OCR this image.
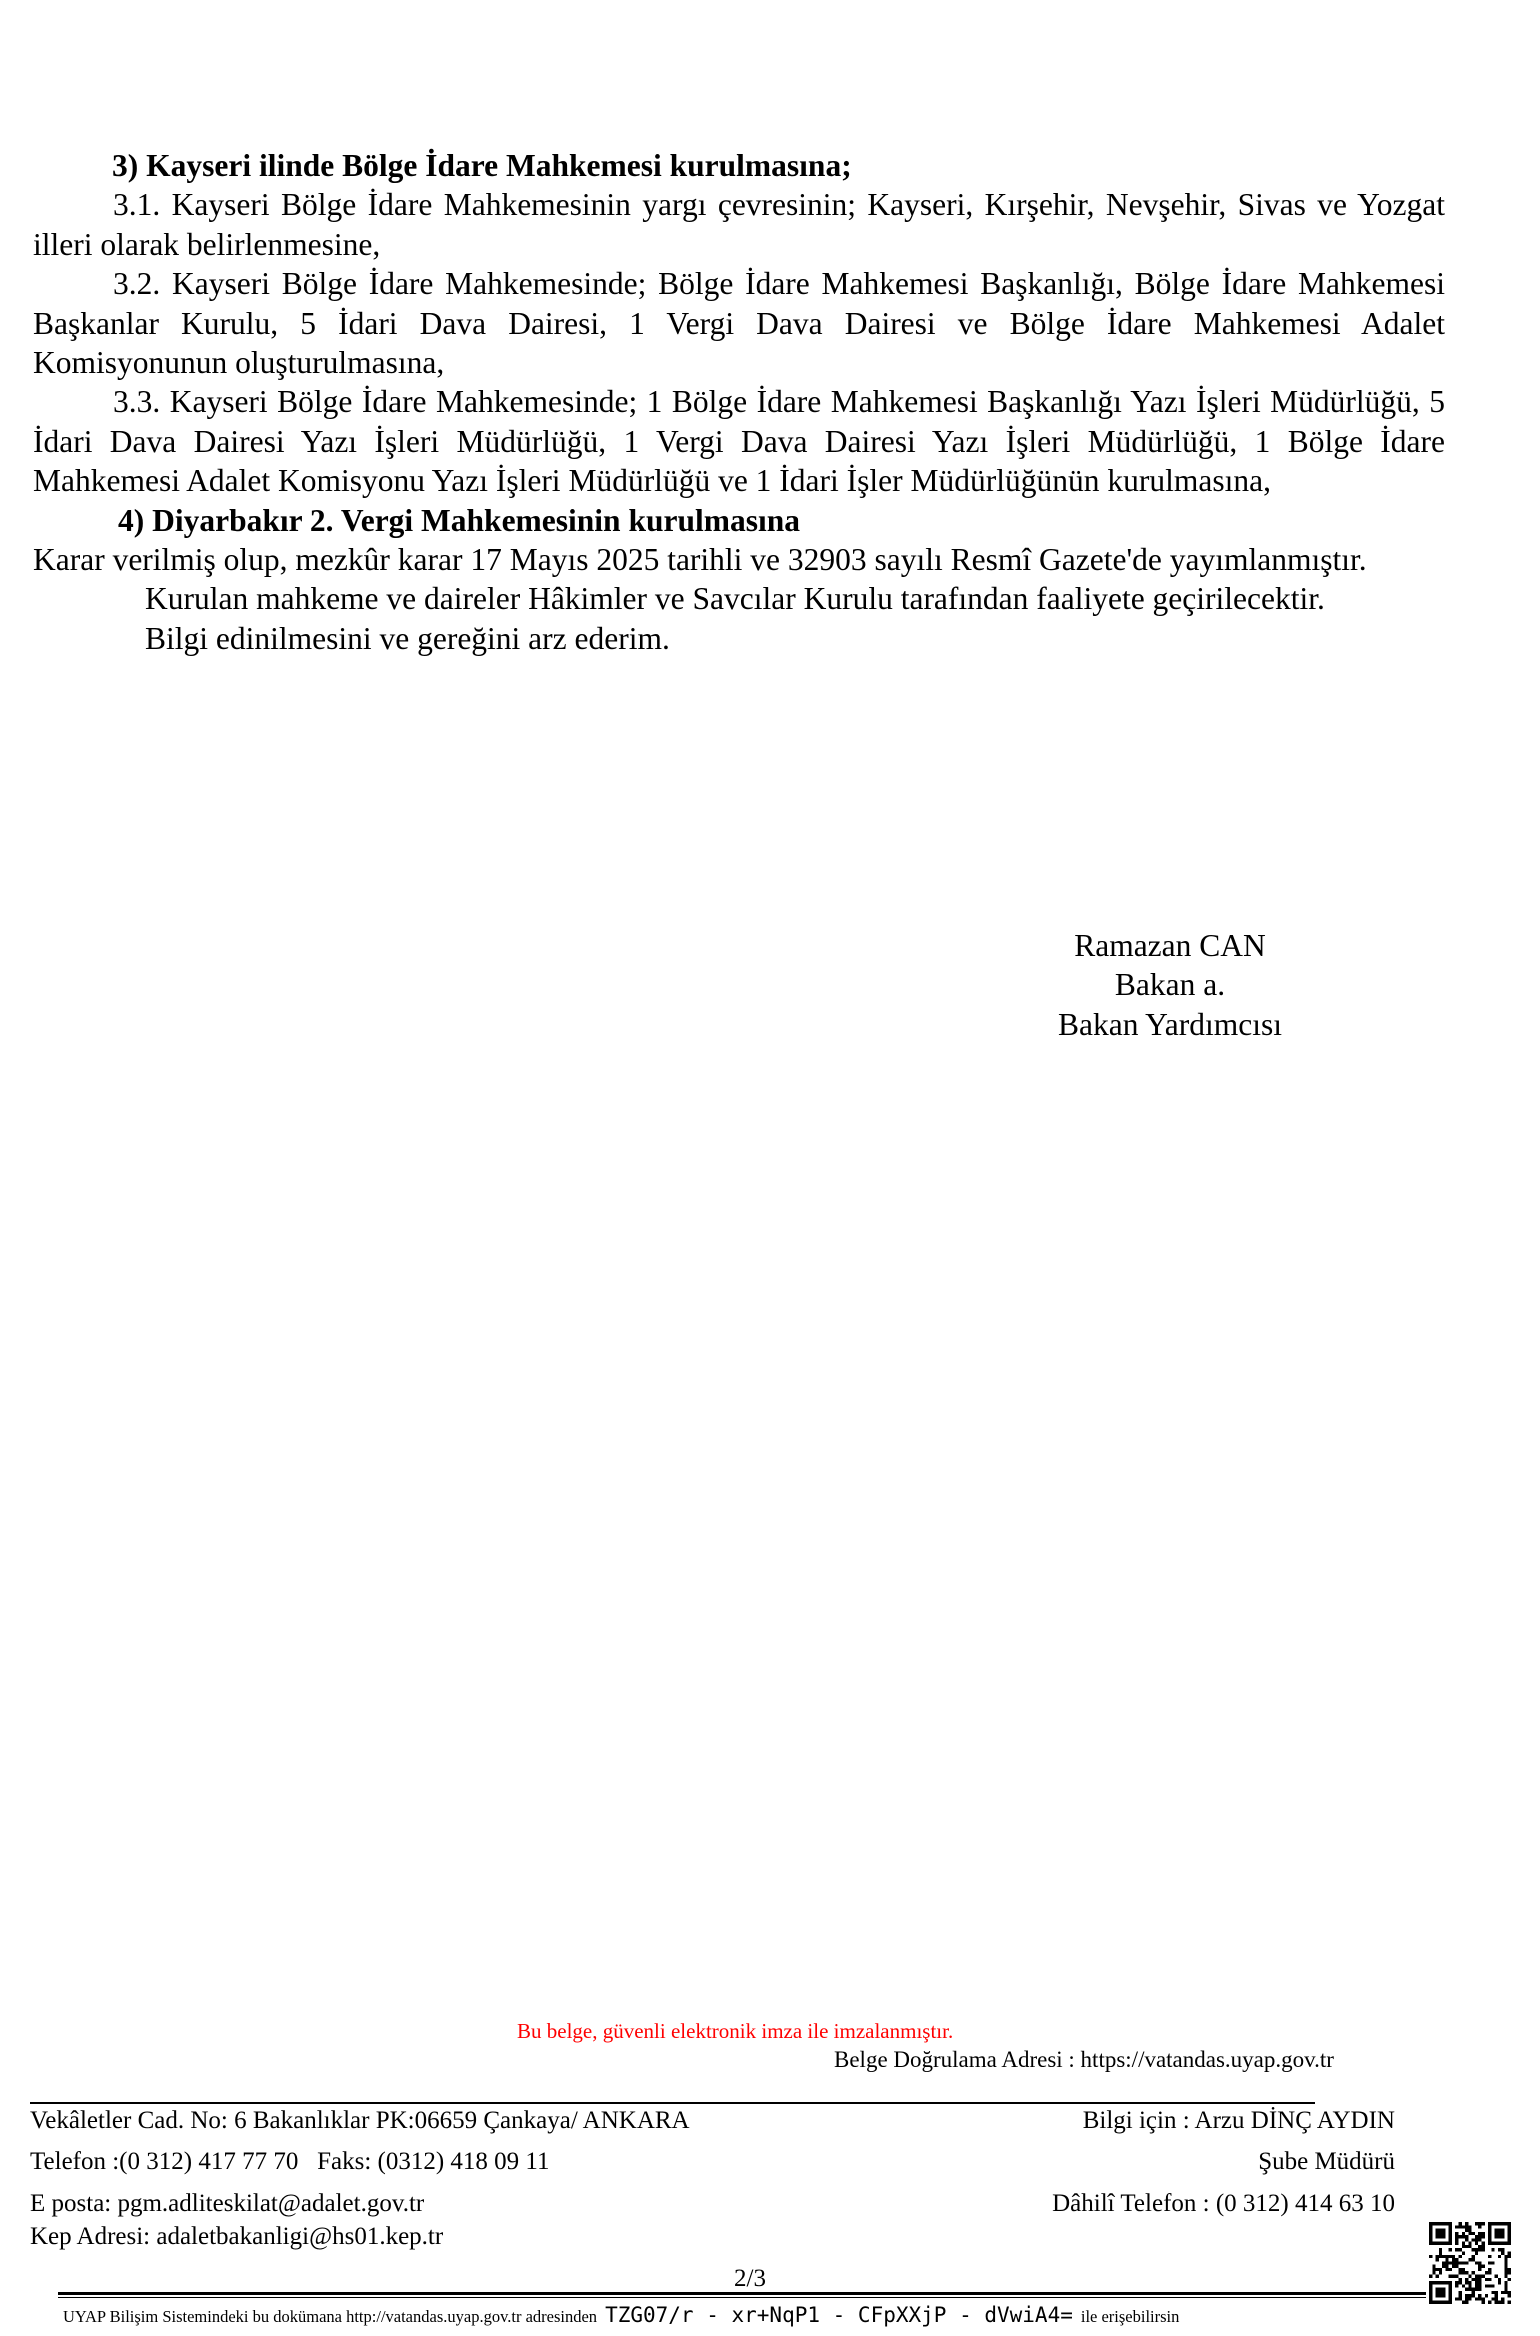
3) Kayseri ilinde Bölge İdare Mahkemesi kurulmasına;

3.1. Kayseri Bölge İdare Mahkemesinin yargı çevresinin; Kayseri, Kırşehir, Nevşehir, Sivas ve Yozgat illeri olarak belirlenmesine,

3.2. Kayseri Bölge İdare Mahkemesinde; Bölge İdare Mahkemesi Başkanlığı, Bölge İdare Mahkemesi Başkanlar Kurulu, 5 İdari Dava Dairesi, 1 Vergi Dava Dairesi ve Bölge İdare Mahkemesi Adalet Komisyonunun oluşturulmasına,

3.3. Kayseri Bölge İdare Mahkemesinde; 1 Bölge İdare Mahkemesi Başkanlığı Yazı İşleri Müdürlüğü, 5 İdari Dava Dairesi Yazı İşleri Müdürlüğü, 1 Vergi Dava Dairesi Yazı İşleri Müdürlüğü, 1 Bölge İdare Mahkemesi Adalet Komisyonu Yazı İşleri Müdürlüğü ve 1 İdari İşler Müdürlüğünün kurulmasına,

4) Diyarbakır 2. Vergi Mahkemesinin kurulmasına

Karar verilmiş olup, mezkûr karar 17 Mayıs 2025 tarihli ve 32903 sayılı Resmî Gazete'de yayımlanmıştır.

Kurulan mahkeme ve daireler Hâkimler ve Savcılar Kurulu tarafından faaliyete geçirilecektir.

Bilgi edinilmesini ve gereğini arz ederim.

Ramazan CAN
Bakan a.
Bakan Yardımcısı
Bu belge, güvenli elektronik imza ile imzalanmıştır.
Belge Doğrulama Adresi : https://vatandas.uyap.gov.tr
Vekâletler Cad. No: 6 Bakanlıklar PK:06659 Çankaya/ ANKARA
Telefon :(0 312) 417 77 70   Faks: (0312) 418 09 11
E posta: pgm.adliteskilat@adalet.gov.tr
Kep Adresi: adaletbakanligi@hs01.kep.tr
Bilgi için : Arzu DİNÇ AYDIN
Şube Müdürü
Dâhilî Telefon : (0 312) 414 63 10
2/3
UYAP Bilişim Sistemindeki bu dokümana http://vatandas.uyap.gov.tr adresinden TZG07/r - xr+NqP1 - CFpXXjP - dVwiA4= ile erişebilirsin
